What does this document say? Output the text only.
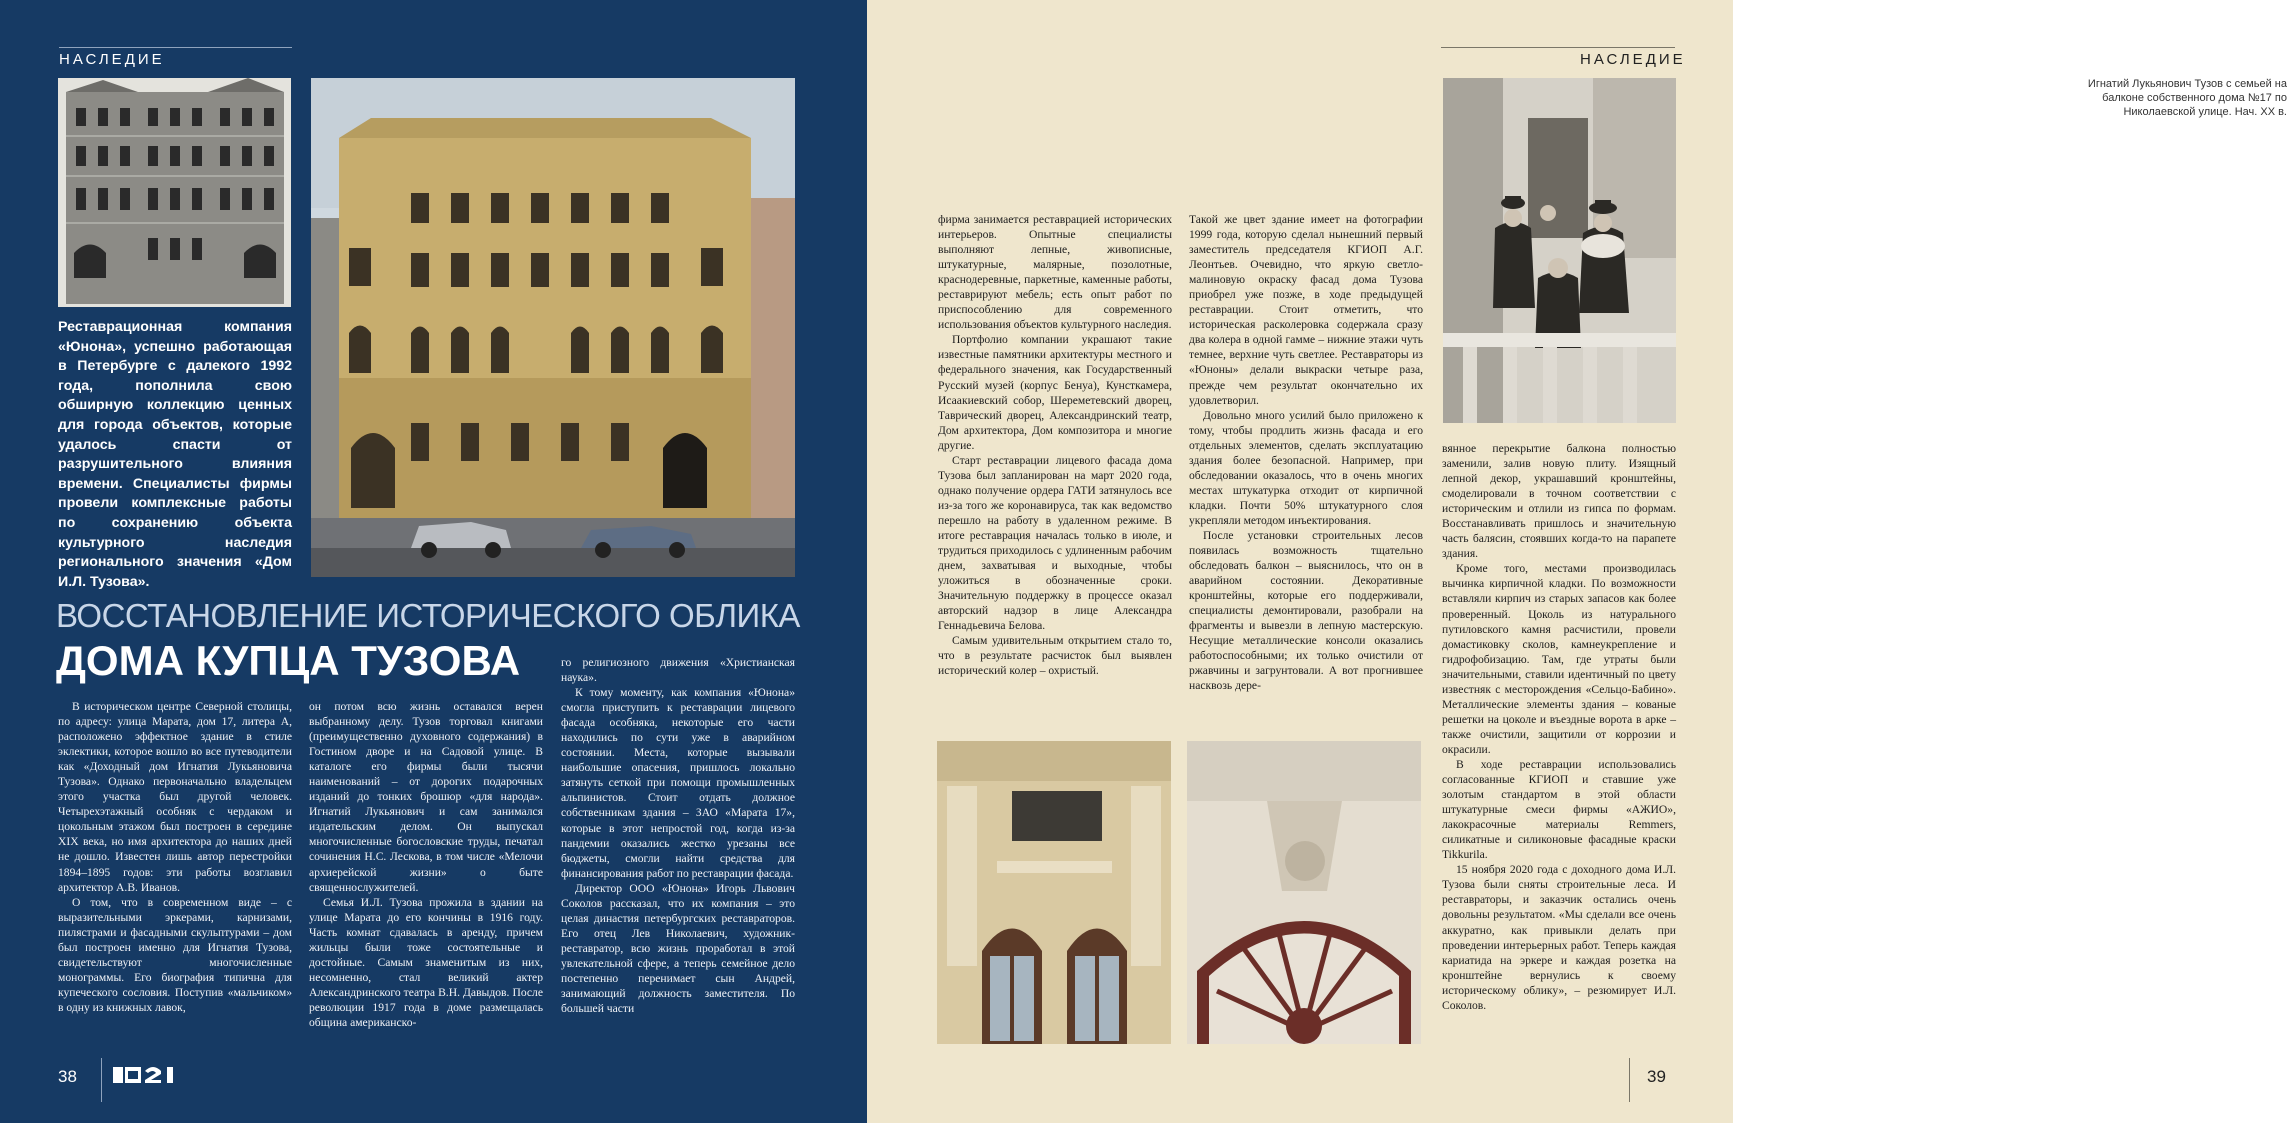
НАСЛЕДИЕ
Реставрационная компания «Юнона», успешно работающая в Петербурге с далекого 1992 года, пополнила свою обширную коллекцию ценных для города объектов, которые удалось спасти от разрушительного влияния времени. Специалисты фирмы провели комплексные работы по сохранению объекта культурного наследия регионального значения «Дом И.Л. Тузова».
ВОССТАНОВЛЕНИЕ ИСТОРИЧЕСКОГО ОБЛИКА
ДОМА КУПЦА ТУЗОВА

В историческом центре Северной столицы, по адресу: улица Марата, дом 17, литера А, расположено эффектное здание в стиле эклектики, которое вошло во все путеводители как «Доходный дом Игнатия Лукьяновича Тузова». Однако первоначально владельцем этого участка был другой человек. Четырехэтажный особняк с чердаком и цокольным этажом был построен в середине XIX века, но имя архитектора до наших дней не дошло. Известен лишь автор перестройки 1894–1895 годов: эти работы возглавил архитектор А.В. Иванов.

О том, что в современном виде – с выразительными эркерами, карнизами, пилястрами и фасадными скульптурами – дом был построен именно для Игнатия Тузова, свидетельствуют многочисленные монограммы. Его биография типична для купеческого сословия. Поступив «мальчиком» в одну из книжных лавок,

он потом всю жизнь оставался верен выбранному делу. Тузов торговал книгами (преимущественно духовного содержания) в Гостином дворе и на Садовой улице. В каталоге его фирмы были тысячи наименований – от дорогих подарочных изданий до тонких брошюр «для народа». Игнатий Лукьянович и сам занимался издательским делом. Он выпускал многочисленные богословские труды, печатал сочинения Н.С. Лескова, в том числе «Мелочи архиерейской жизни» о быте священнослужителей.

Семья И.Л. Тузова прожила в здании на улице Марата до его кончины в 1916 году. Часть комнат сдавалась в аренду, причем жильцы были тоже состоятельные и достойные. Самым знаменитым из них, несомненно, стал великий актер Александринского театра В.Н. Давыдов. После революции 1917 года в доме размещалась община американско-

го религиозного движения «Христианская наука».

К тому моменту, как компания «Юнона» смогла приступить к реставрации лицевого фасада особняка, некоторые его части находились по сути уже в аварийном состоянии. Места, которые вызывали наибольшие опасения, пришлось локально затянуть сеткой при помощи промышленных альпинистов. Стоит отдать должное собственникам здания – ЗАО «Марата 17», которые в этот непростой год, когда из-за пандемии оказались жестко урезаны все бюджеты, смогли найти средства для финансирования работ по реставрации фасада.

Директор ООО «Юнона» Игорь Львович Соколов рассказал, что их компания – это целая династия петербургских реставраторов. Его отец Лев Николаевич, художник-реставратор, всю жизнь проработал в этой увлекательной сфере, а теперь семейное дело постепенно перенимает сын Андрей, занимающий должность заместителя. По большей части

38
НАСЛЕДИЕ
Игнатий Лукьянович Тузов с семьей на балконе собственного дома №17 по Николаевской улице. Нач. ХХ в.

фирма занимается реставрацией исторических интерьеров. Опытные специалисты выполняют лепные, живописные, штукатурные, малярные, позолотные, краснодеревные, паркетные, каменные работы, реставрируют мебель; есть опыт работ по приспособлению для современного использования объектов культурного наследия.

Портфолио компании украшают такие известные памятники архитектуры местного и федерального значения, как Государственный Русский музей (корпус Бенуа), Кунсткамера, Исаакиевский собор, Шереметевский дворец, Таврический дворец, Александринский театр, Дом архитектора, Дом композитора и многие другие.

Старт реставрации лицевого фасада дома Тузова был запланирован на март 2020 года, однако получение ордера ГАТИ затянулось все из-за того же коронавируса, так как ведомство перешло на работу в удаленном режиме. В итоге реставрация началась только в июле, и трудиться приходилось с удлиненным рабочим днем, захватывая и выходные, чтобы уложиться в обозначенные сроки. Значительную поддержку в процессе оказал авторский надзор в лице Александра Геннадьевича Белова.

Самым удивительным открытием стало то, что в результате расчисток был выявлен исторический колер – охристый.

Такой же цвет здание имеет на фотографии 1999 года, которую сделал нынешний первый заместитель председателя КГИОП А.Г. Леонтьев. Очевидно, что яркую светло-малиновую окраску фасад дома Тузова приобрел уже позже, в ходе предыдущей реставрации. Стоит отметить, что историческая расколеровка содержала сразу два колера в одной гамме – нижние этажи чуть темнее, верхние чуть светлее. Реставраторы из «Юноны» делали выкраски четыре раза, прежде чем результат окончательно их удовлетворил.

Довольно много усилий было приложено к тому, чтобы продлить жизнь фасада и его отдельных элементов, сделать эксплуатацию здания более безопасной. Например, при обследовании оказалось, что в очень многих местах штукатурка отходит от кирпичной кладки. Почти 50% штукатурного слоя укрепляли методом инъектирования.

После установки строительных лесов появилась возможность тщательно обследовать балкон – выяснилось, что он в аварийном состоянии. Декоративные кронштейны, которые его поддерживали, специалисты демонтировали, разобрали на фрагменты и вывезли в лепную мастерскую. Несущие металлические консоли оказались работоспособными; их только очистили от ржавчины и загрунтовали. А вот прогнившее насквозь дере-

вянное перекрытие балкона полностью заменили, залив новую плиту. Изящный лепной декор, украшавший кронштейны, смоделировали в точном соответствии с историческим и отлили из гипса по формам. Восстанавливать пришлось и значительную часть балясин, стоявших когда-то на парапете здания.

Кроме того, местами производилась вычинка кирпичной кладки. По возможности вставляли кирпич из старых запасов как более проверенный. Цоколь из натурального путиловского камня расчистили, провели домастиковку сколов, камнеукрепление и гидрофобизацию. Там, где утраты были значительными, ставили идентичный по цвету известняк с месторождения «Сельцо-Бабино». Металлические элементы здания – кованые решетки на цоколе и въездные ворота в арке – также очистили, защитили от коррозии и окрасили.

В ходе реставрации использовались согласованные КГИОП и ставшие уже золотым стандартом в этой области штукатурные смеси фирмы «АЖИО», лакокрасочные материалы Remmers, силикатные и силиконовые фасадные краски Tikkurila.

15 ноября 2020 года с доходного дома И.Л. Тузова были сняты строительные леса. И реставраторы, и заказчик остались очень довольны результатом. «Мы сделали все очень аккуратно, как привыкли делать при проведении интерьерных работ. Теперь каждая кариатида на эркере и каждая розетка на кронштейне вернулись к своему историческому облику», – резюмирует И.Л. Соколов.

39
